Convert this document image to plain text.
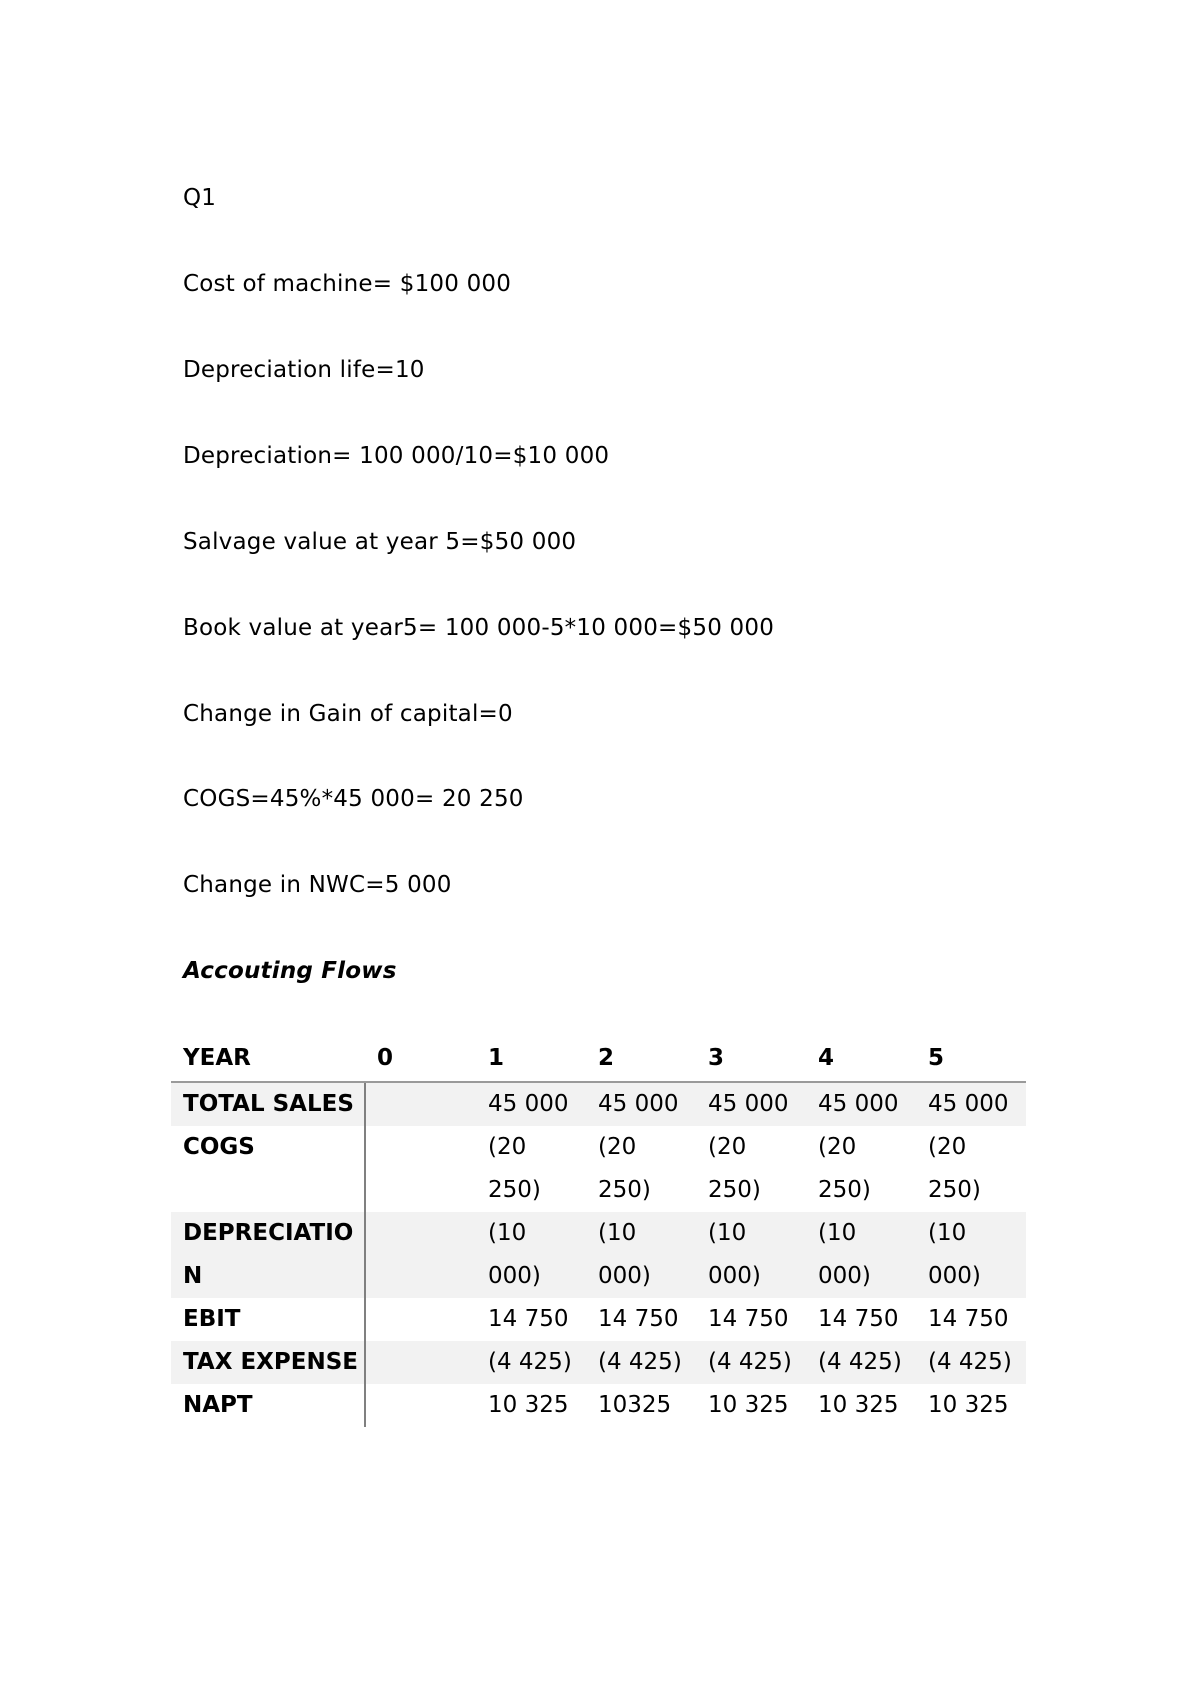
Q1
Cost of machine= $100 000
Depreciation life=10
Depreciation= 100 000/10=$10 000
Salvage value at year 5=$50 000
Book value at year5= 100 000-5*10 000=$50 000
Change in Gain of capital=0
COGS=45%*45 000= 20 250
Change in NWC=5 000
Accouting Flows
YEAR	0	1	2	3	4	5
TOTAL SALES		45 000	45 000	45 000	45 000	45 000
COGS		(20 250)	(20 250)	(20 250)	(20 250)	(20 250)
DEPRECIATION		(10 000)	(10 000)	(10 000)	(10 000)	(10 000)
EBIT		14 750	14 750	14 750	14 750	14 750
TAX EXPENSE		(4 425)	(4 425)	(4 425)	(4 425)	(4 425)
NAPT		10 325	10325	10 325	10 325	10 325
